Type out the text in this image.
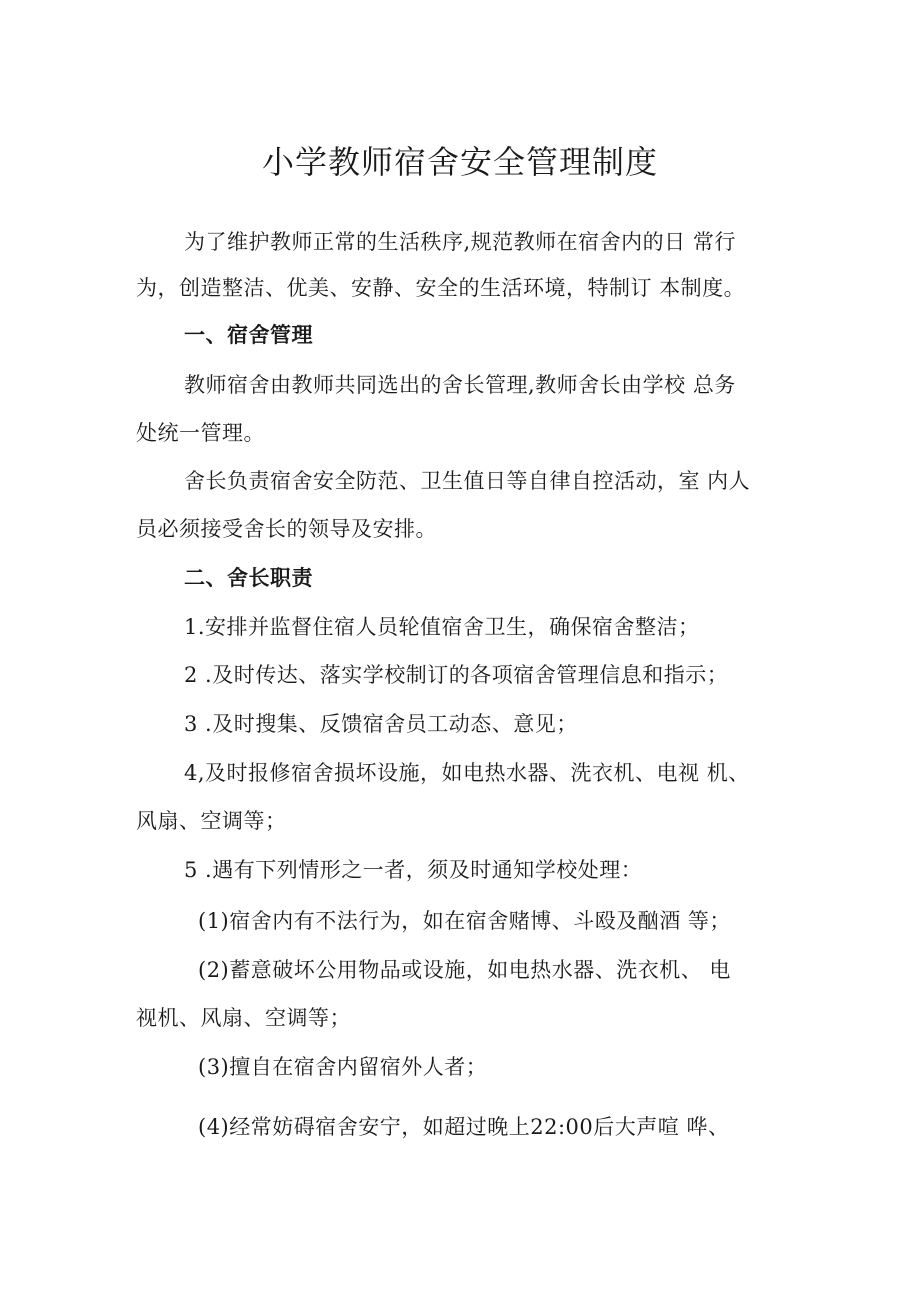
小学教师宿舍安全管理制度
为了维护教师正常的生活秩序,规范教师在宿舍内的日 常行
为，创造整洁、优美、安静、安全的生活环境，特制订 本制度。
一、宿舍管理
教师宿舍由教师共同选出的舍长管理,教师舍长由学校 总务
处统一管理。
舍长负责宿舍安全防范、卫生值日等自律自控活动，室 内人
员必须接受舍长的领导及安排。
二、舍长职责
1.安排并监督住宿人员轮值宿舍卫生，确保宿舍整洁；
2 .及时传达、落实学校制订的各项宿舍管理信息和指示；
3 .及时搜集、反馈宿舍员工动态、意见；
4,及时报修宿舍损坏设施，如电热水器、洗衣机、电视 机、
风扇、空调等；
5 .遇有下列情形之一者，须及时通知学校处理：
(1)宿舍内有不法行为，如在宿舍赌博、斗殴及酗酒 等；
(2)蓄意破坏公用物品或设施，如电热水器、洗衣机、 电
视机、风扇、空调等；
(3)擅自在宿舍内留宿外人者；
(4)经常妨碍宿舍安宁，如超过晚上22:00后大声喧 哗、
